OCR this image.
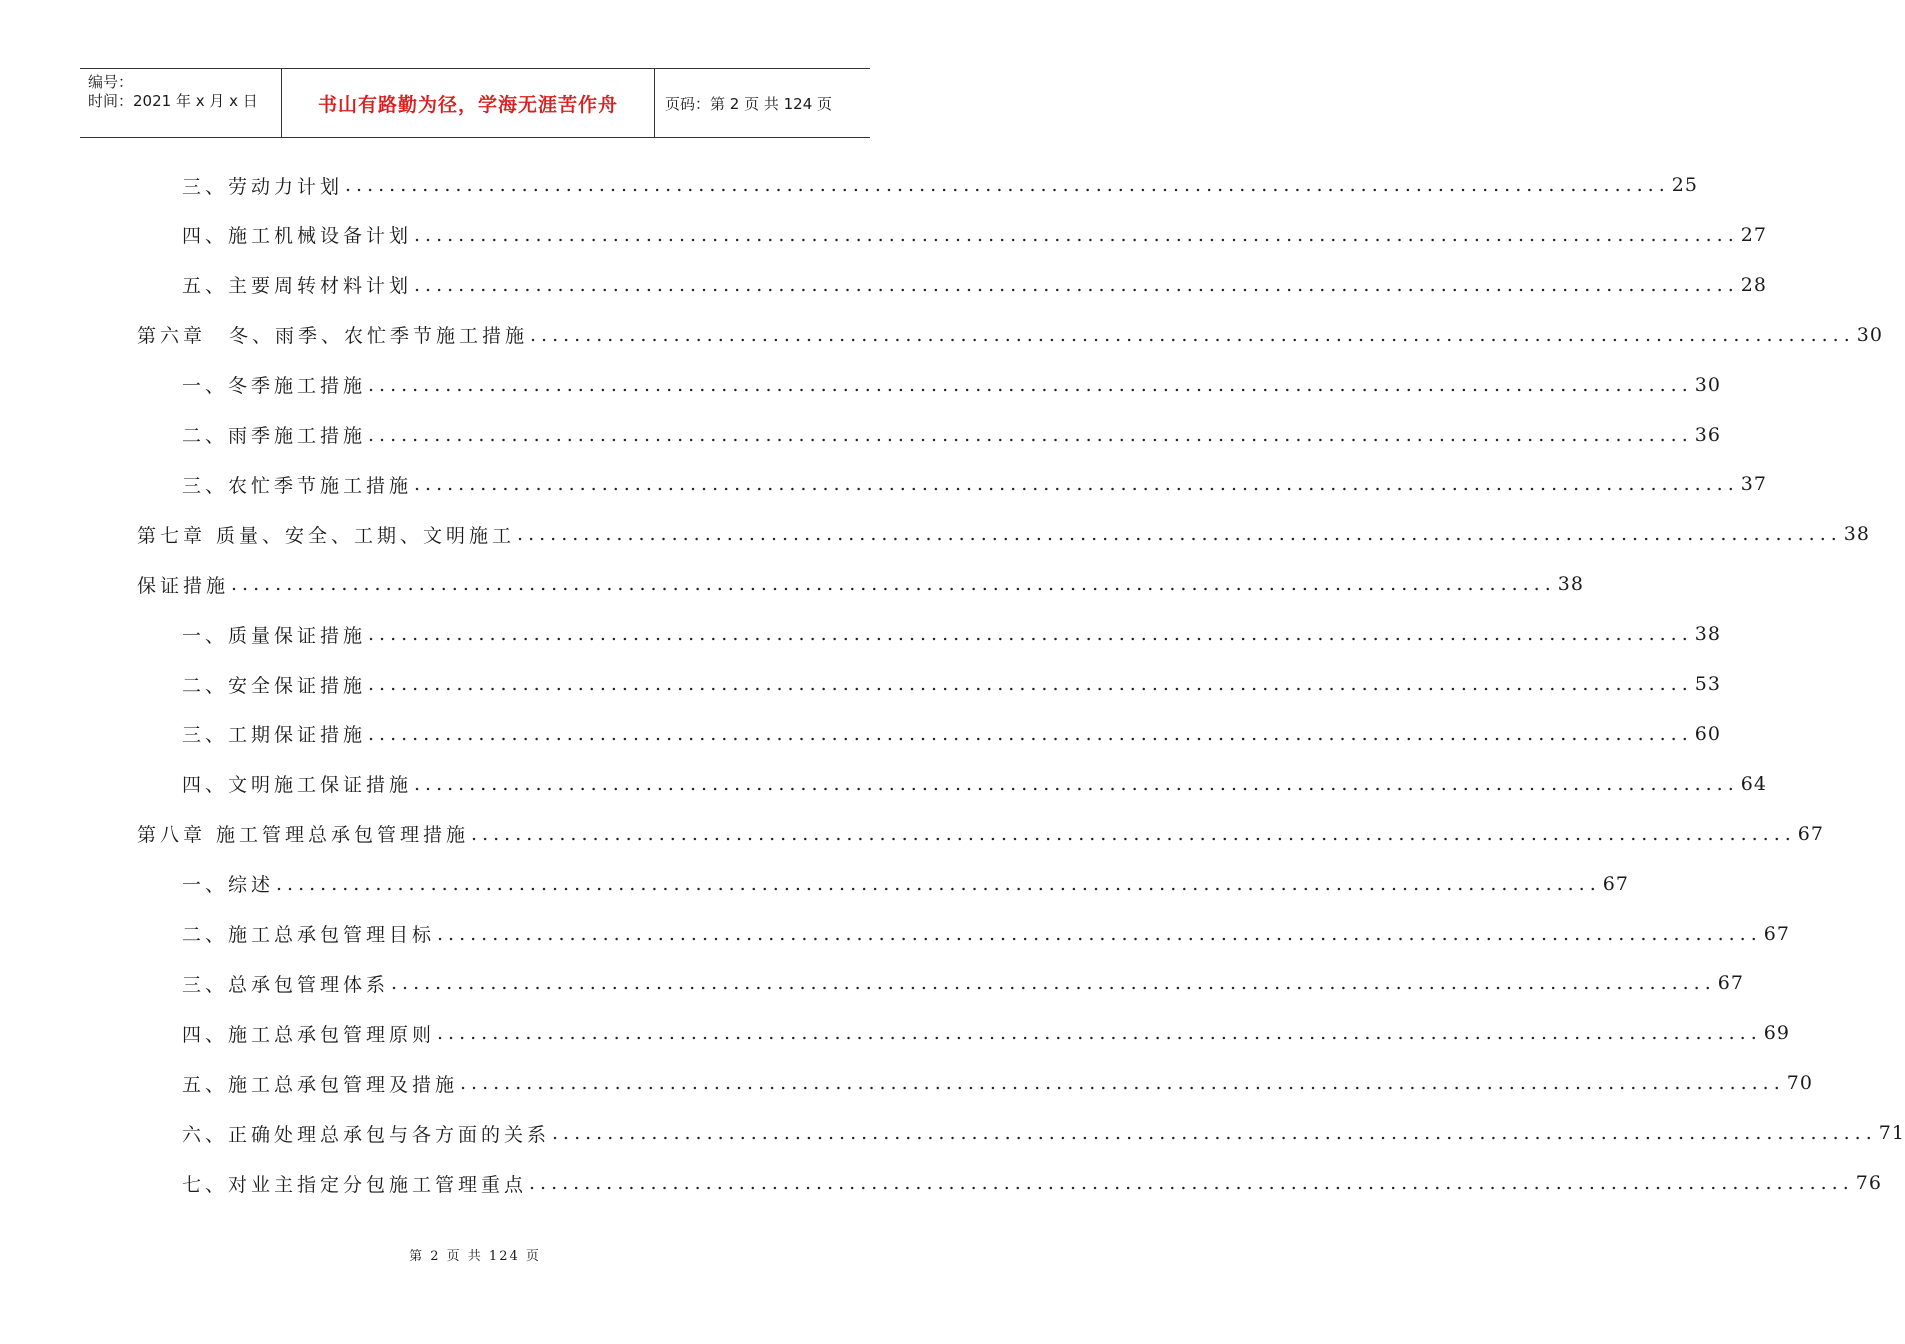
编号：
时间：2021 年 x 月 x 日	书山有路勤为径，学海无涯苦作舟	页码：第 2 页 共 124 页
三、劳动力计划 ........................................................................................................................ 25
四、施工机械设备计划 ........................................................................................................................ 27
五、主要周转材料计划 ........................................................................................................................ 28
第六章　冬、雨季、农忙季节施工措施 ........................................................................................................................ 30
一、冬季施工措施 ........................................................................................................................ 30
二、雨季施工措施 ........................................................................................................................ 36
三、农忙季节施工措施 ........................................................................................................................ 37
第七章 质量、安全、工期、文明施工 ........................................................................................................................ 38
保证措施 ........................................................................................................................ 38
一、质量保证措施 ........................................................................................................................ 38
二、安全保证措施 ........................................................................................................................ 53
三、工期保证措施 ........................................................................................................................ 60
四、文明施工保证措施 ........................................................................................................................ 64
第八章 施工管理总承包管理措施 ........................................................................................................................ 67
一、综述 ........................................................................................................................ 67
二、施工总承包管理目标 ........................................................................................................................ 67
三、总承包管理体系 ........................................................................................................................ 67
四、施工总承包管理原则 ........................................................................................................................ 69
五、施工总承包管理及措施 ........................................................................................................................ 70
六、正确处理总承包与各方面的关系 ........................................................................................................................ 71
七、对业主指定分包施工管理重点 ........................................................................................................................ 76
第 2 页 共 124 页
